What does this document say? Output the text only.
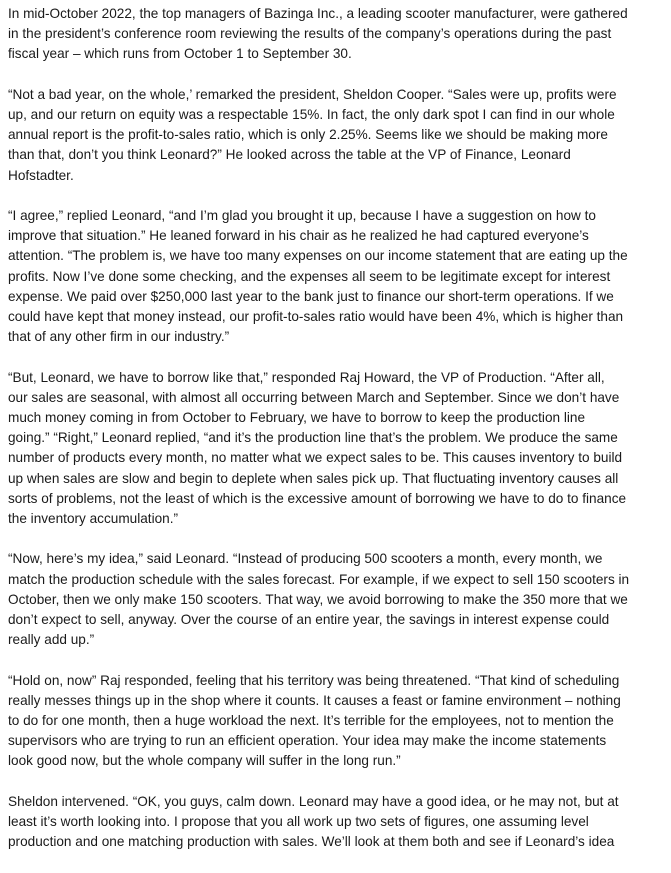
In mid-October 2022, the top managers of Bazinga Inc., a leading scooter manufacturer, were gathered
in the president’s conference room reviewing the results of the company’s operations during the past
fiscal year – which runs from October 1 to September 30.
“Not a bad year, on the whole,’ remarked the president, Sheldon Cooper. “Sales were up, profits were
up, and our return on equity was a respectable 15%. In fact, the only dark spot I can find in our whole
annual report is the profit-to-sales ratio, which is only 2.25%. Seems like we should be making more
than that, don’t you think Leonard?” He looked across the table at the VP of Finance, Leonard
Hofstadter.
“I agree,” replied Leonard, “and I’m glad you brought it up, because I have a suggestion on how to
improve that situation.” He leaned forward in his chair as he realized he had captured everyone’s
attention. “The problem is, we have too many expenses on our income statement that are eating up the
profits. Now I’ve done some checking, and the expenses all seem to be legitimate except for interest
expense. We paid over $250,000 last year to the bank just to finance our short-term operations. If we
could have kept that money instead, our profit-to-sales ratio would have been 4%, which is higher than
that of any other firm in our industry.”
“But, Leonard, we have to borrow like that,” responded Raj Howard, the VP of Production. “After all,
our sales are seasonal, with almost all occurring between March and September. Since we don’t have
much money coming in from October to February, we have to borrow to keep the production line
going.” “Right,” Leonard replied, “and it’s the production line that’s the problem. We produce the same
number of products every month, no matter what we expect sales to be. This causes inventory to build
up when sales are slow and begin to deplete when sales pick up. That fluctuating inventory causes all
sorts of problems, not the least of which is the excessive amount of borrowing we have to do to finance
the inventory accumulation.”
“Now, here’s my idea,” said Leonard. “Instead of producing 500 scooters a month, every month, we
match the production schedule with the sales forecast. For example, if we expect to sell 150 scooters in
October, then we only make 150 scooters. That way, we avoid borrowing to make the 350 more that we
don’t expect to sell, anyway. Over the course of an entire year, the savings in interest expense could
really add up.”
“Hold on, now” Raj responded, feeling that his territory was being threatened. “That kind of scheduling
really messes things up in the shop where it counts. It causes a feast or famine environment – nothing
to do for one month, then a huge workload the next. It’s terrible for the employees, not to mention the
supervisors who are trying to run an efficient operation. Your idea may make the income statements
look good now, but the whole company will suffer in the long run.”
Sheldon intervened. “OK, you guys, calm down. Leonard may have a good idea, or he may not, but at
least it’s worth looking into. I propose that you all work up two sets of figures, one assuming level
production and one matching production with sales. We’ll look at them both and see if Leonard’s idea
